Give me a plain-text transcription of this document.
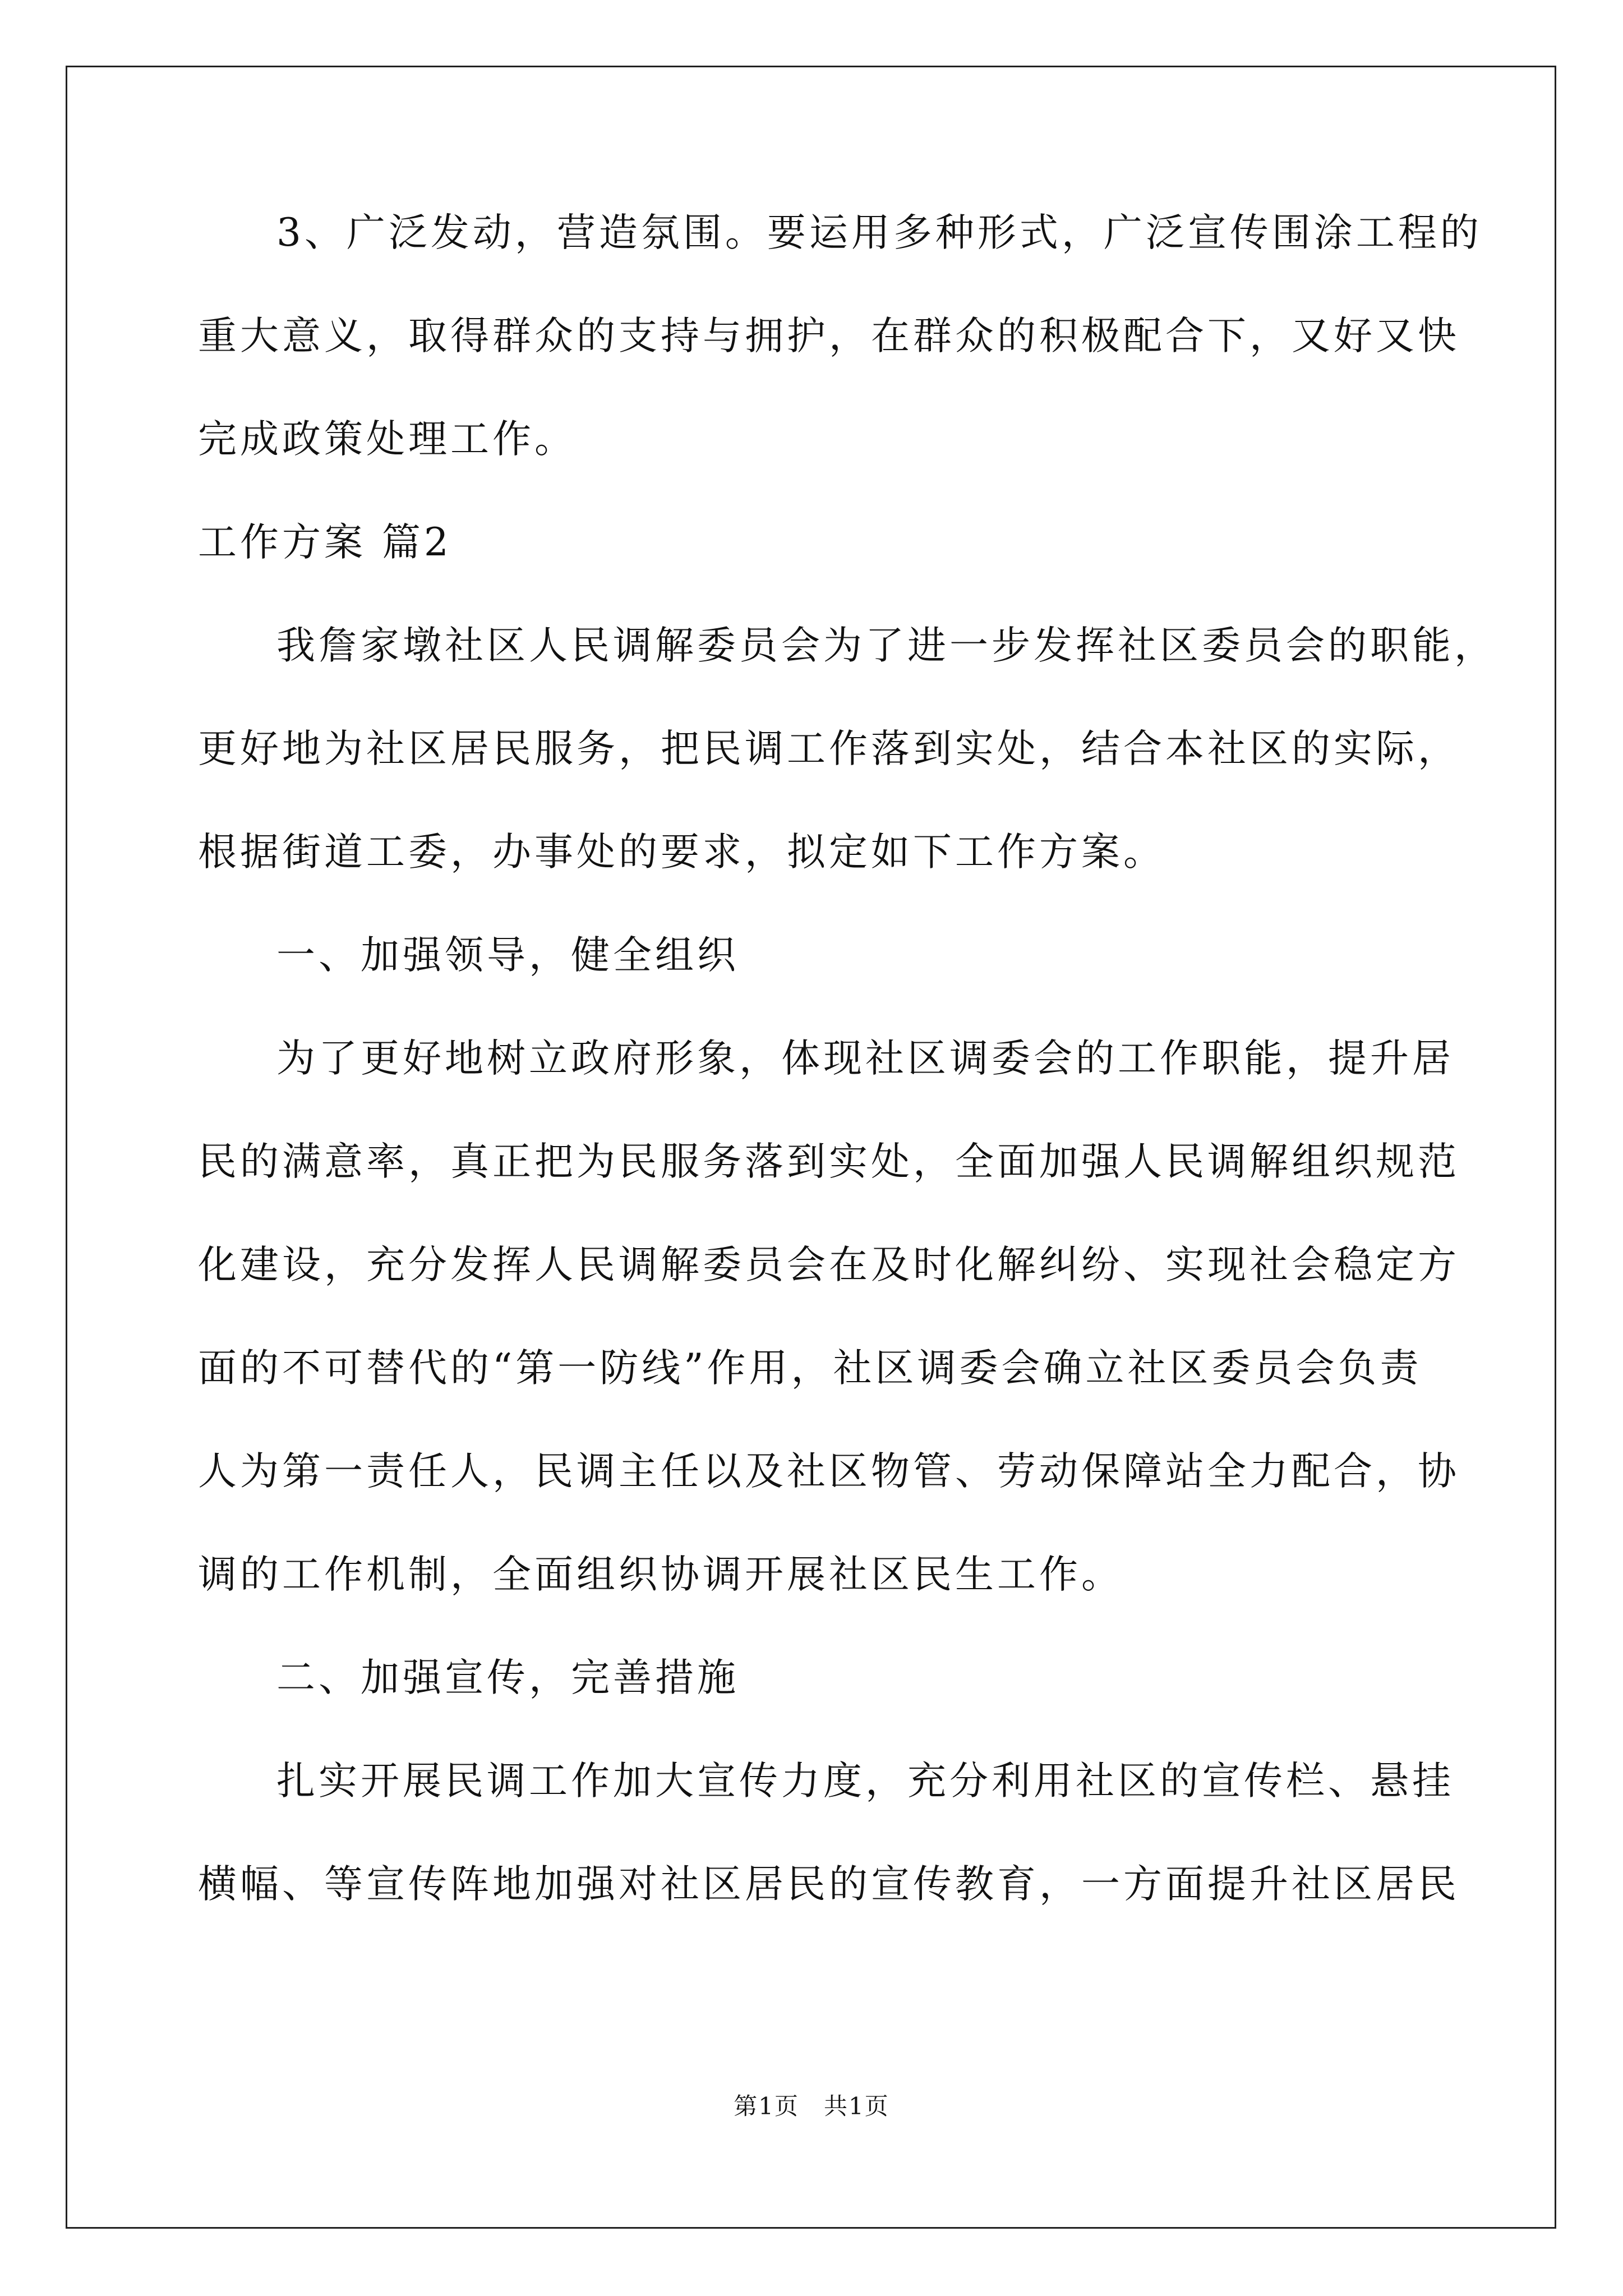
3、广泛发动，营造氛围。要运用多种形式，广泛宣传围涂工程的
重大意义，取得群众的支持与拥护，在群众的积极配合下，又好又快
完成政策处理工作。
工作方案 篇2
我詹家墩社区人民调解委员会为了进一步发挥社区委员会的职能，
更好地为社区居民服务，把民调工作落到实处，结合本社区的实际，
根据街道工委，办事处的要求，拟定如下工作方案。
一、加强领导，健全组织
为了更好地树立政府形象，体现社区调委会的工作职能，提升居
民的满意率，真正把为民服务落到实处，全面加强人民调解组织规范
化建设，充分发挥人民调解委员会在及时化解纠纷、实现社会稳定方
面的不可替代的“第一防线”作用，社区调委会确立社区委员会负责
人为第一责任人，民调主任以及社区物管、劳动保障站全力配合，协
调的工作机制，全面组织协调开展社区民生工作。
二、加强宣传，完善措施
扎实开展民调工作加大宣传力度，充分利用社区的宣传栏、悬挂
横幅、等宣传阵地加强对社区居民的宣传教育，一方面提升社区居民
第1页　共1页
